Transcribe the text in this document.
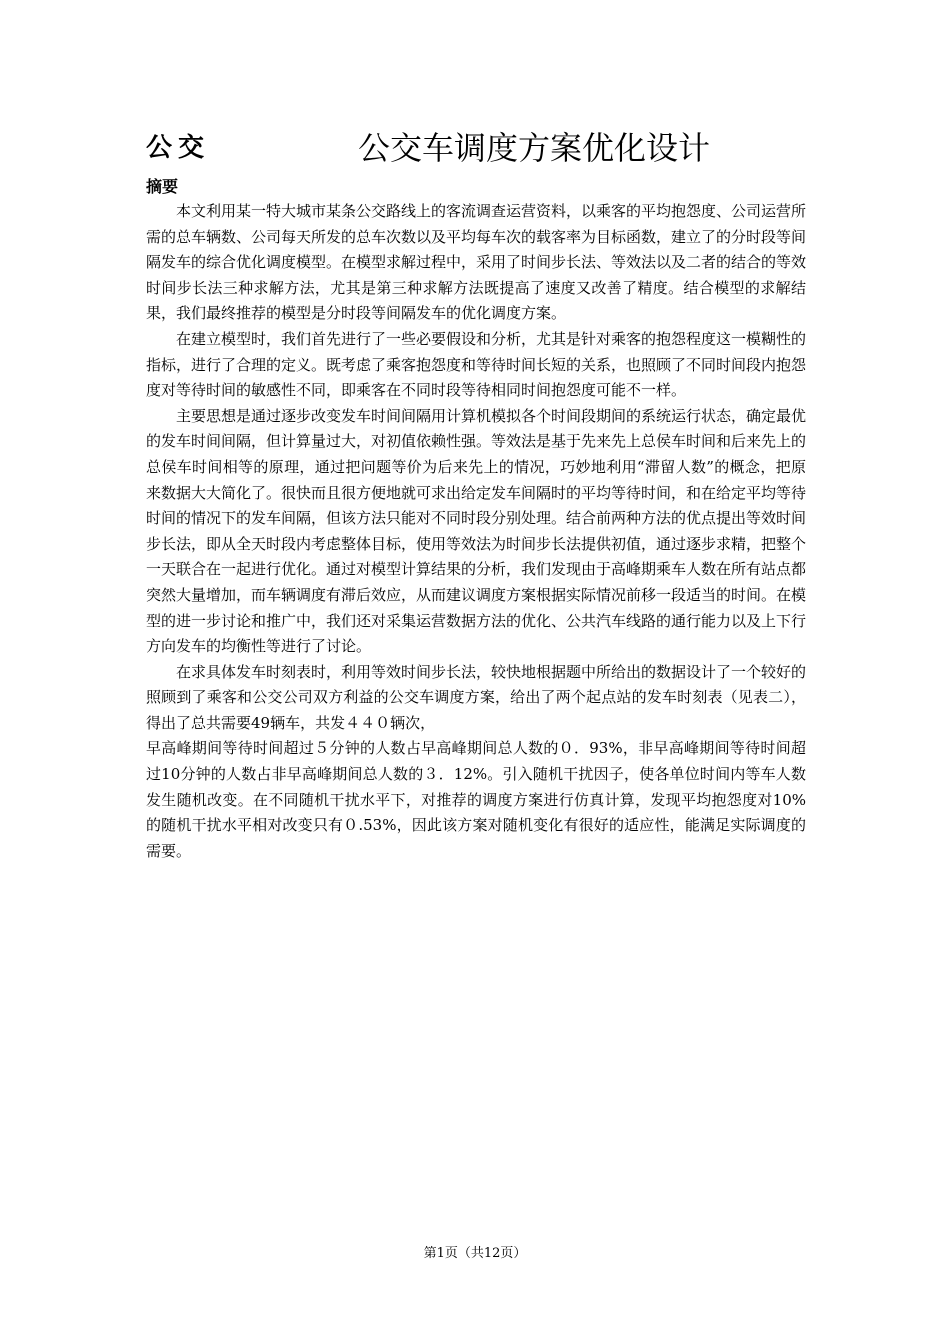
公交	公交车调度方案优化设计
摘要

本文利用某一特大城市某条公交路线上的客流调查运营资料，以乘客的平均抱怨度、公司运营所需的总车辆数、公司每天所发的总车次数以及平均每车次的载客率为目标函数，建立了的分时段等间隔发车的综合优化调度模型。在模型求解过程中，采用了时间步长法、等效法以及二者的结合的等效时间步长法三种求解方法，尤其是第三种求解方法既提高了速度又改善了精度。结合模型的求解结果，我们最终推荐的模型是分时段等间隔发车的优化调度方案。

在建立模型时，我们首先进行了一些必要假设和分析，尤其是针对乘客的抱怨程度这一模糊性的指标，进行了合理的定义。既考虑了乘客抱怨度和等待时间长短的关系，也照顾了不同时间段内抱怨度对等待时间的敏感性不同，即乘客在不同时段等待相同时间抱怨度可能不一样。

主要思想是通过逐步改变发车时间间隔用计算机模拟各个时间段期间的系统运行状态，确定最优的发车时间间隔，但计算量过大，对初值依赖性强。等效法是基于先来先上总侯车时间和后来先上的总侯车时间相等的原理，通过把问题等价为后来先上的情况，巧妙地利用“滞留人数”的概念，把原来数据大大简化了。很快而且很方便地就可求出给定发车间隔时的平均等待时间，和在给定平均等待时间的情况下的发车间隔，但该方法只能对不同时段分别处理。结合前两种方法的优点提出等效时间步长法，即从全天时段内考虑整体目标，使用等效法为时间步长法提供初值，通过逐步求精，把整个一天联合在一起进行优化。通过对模型计算结果的分析，我们发现由于高峰期乘车人数在所有站点都突然大量增加，而车辆调度有滞后效应，从而建议调度方案根据实际情况前移一段适当的时间。在模型的进一步讨论和推广中，我们还对采集运营数据方法的优化、公共汽车线路的通行能力以及上下行方向发车的均衡性等进行了讨论。

在求具体发车时刻表时，利用等效时间步长法，较快地根据题中所给出的数据设计了一个较好的照顾到了乘客和公交公司双方利益的公交车调度方案，给出了两个起点站的发车时刻表（见表二），得出了总共需要49辆车，共发４４０辆次，

早高峰期间等待时间超过５分钟的人数占早高峰期间总人数的０．93%，非早高峰期间等待时间超过10分钟的人数占非早高峰期间总人数的３．12%。引入随机干扰因子，使各单位时间内等车人数发生随机改变。在不同随机干扰水平下，对推荐的调度方案进行仿真计算，发现平均抱怨度对10%的随机干扰水平相对改变只有０.53%，因此该方案对随机变化有很好的适应性，能满足实际调度的需要。

第1页（共12页）
